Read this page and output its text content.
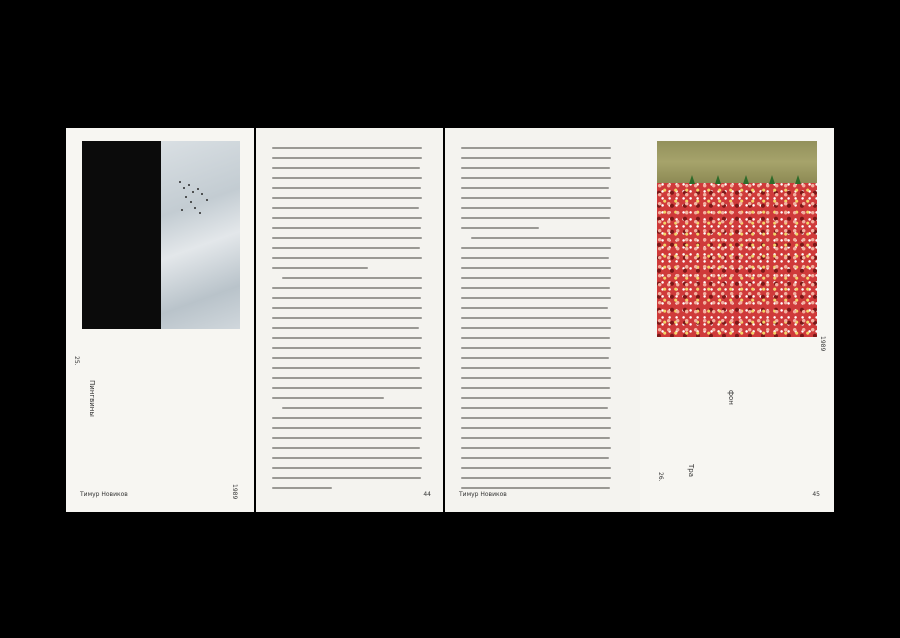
25.
Пингвины
1989
Тимур Новиков	44	Тимур Новиков
1989
фон
Тра
26.
45
